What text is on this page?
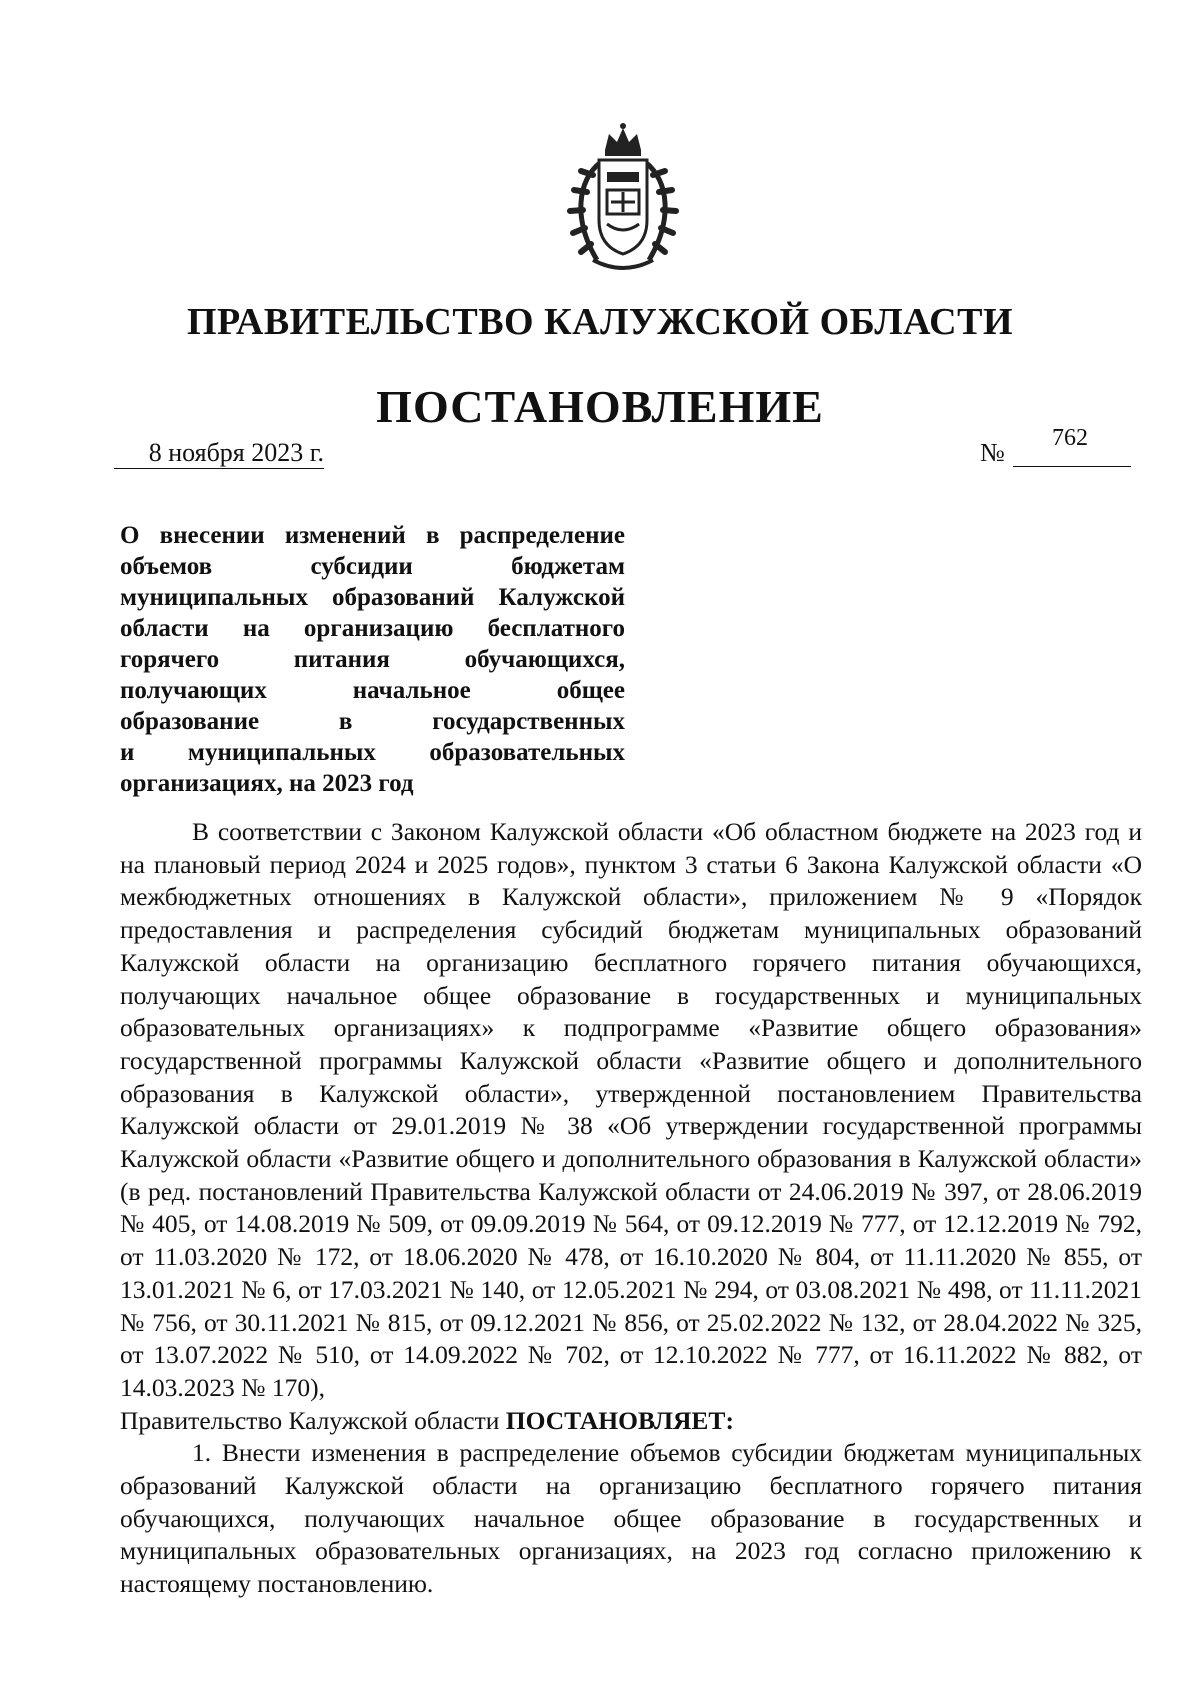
ПРАВИТЕЛЬСТВО КАЛУЖСКОЙ ОБЛАСТИ
ПОСТАНОВЛЕНИЕ
8 ноября 2023 г.	№ 762
О внесении изменений в распределение
объемов субсидии бюджетам
муниципальных образований Калужской
области на организацию бесплатного
горячего питания обучающихся,
получающих начальное общее
образование в государственных
и муниципальных образовательных
организациях, на 2023 год

В соответствии с Законом Калужской области «Об областном бюджете на 2023 год и на плановый период 2024 и 2025 годов», пунктом 3 статьи 6 Закона Калужской области «О межбюджетных отношениях в Калужской области», приложением № 9 «Порядок предоставления и распределения субсидий бюджетам муниципальных образований Калужской области на организацию бесплатного горячего питания обучающихся, получающих начальное общее образование в государственных и муниципальных образовательных организациях» к подпрограмме «Развитие общего образования» государственной программы Калужской области «Развитие общего и дополнительного образования в Калужской области», утвержденной постановлением Правительства Калужской области от 29.01.2019 № 38 «Об утверждении государственной программы Калужской области «Развитие общего и дополнительного образования в Калужской области» (в ред. постановлений Правительства Калужской области от 24.06.2019 № 397, от 28.06.2019 № 405, от 14.08.2019 № 509, от 09.09.2019 № 564, от 09.12.2019 № 777, от 12.12.2019 № 792, от 11.03.2020 № 172, от 18.06.2020 № 478, от 16.10.2020 № 804, от 11.11.2020 № 855, от 13.01.2021 № 6, от 17.03.2021 № 140, от 12.05.2021 № 294, от 03.08.2021 № 498, от 11.11.2021 № 756, от 30.11.2021 № 815, от 09.12.2021 № 856, от 25.02.2022 № 132, от 28.04.2022 № 325, от 13.07.2022 № 510, от 14.09.2022 № 702, от 12.10.2022 № 777, от 16.11.2022 № 882, от 14.03.2023 № 170),

Правительство Калужской области ПОСТАНОВЛЯЕТ:

1. Внести изменения в распределение объемов субсидии бюджетам муниципальных образований Калужской области на организацию бесплатного горячего питания обучающихся, получающих начальное общее образование в государственных и муниципальных образовательных организациях, на 2023 год согласно приложению к настоящему постановлению.
